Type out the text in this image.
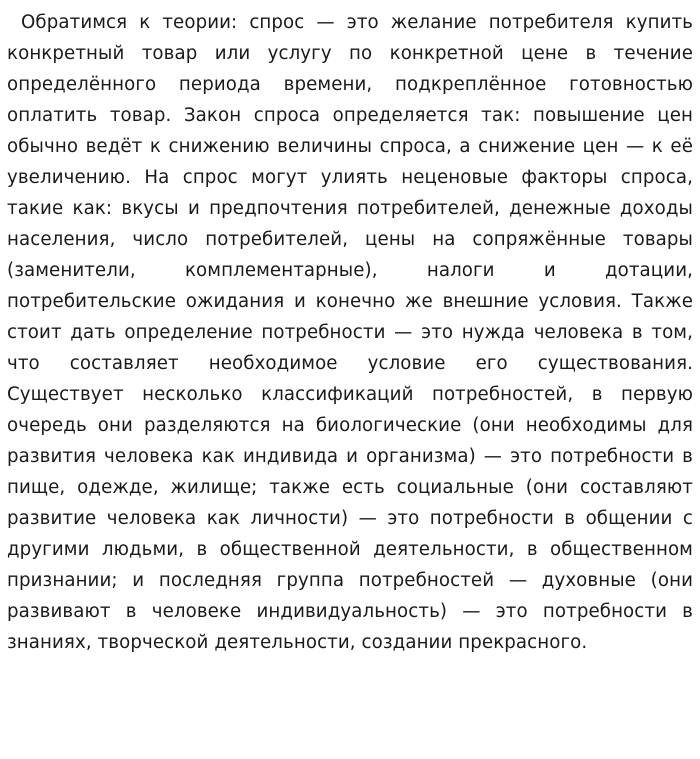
Обратимся к теории: спрос — это желание потребителя купить конкретный товар или услугу по конкретной цене в течение определённого периода времени, подкреплённое готовностью оплатить товар. Закон спроса определяется так: повышение цен обычно ведёт к снижению величины спроса, а снижение цен — к её увеличению. На спрос могут улиять неценовые факторы спроса, такие как: вкусы и предпочтения потребителей, денежные доходы населения, число потребителей, цены на сопряжённые товары (заменители, комплементарные), налоги и дотации, потребительские ожидания и конечно же внешние условия. Также стоит дать определение потребности — это нужда человека в том, что составляет необходимое условие его существования. Существует несколько классификаций потребностей, в первую очередь они разделяются на биологические (они необходимы для развития человека как индивида и организма) — это потребности в пище, одежде, жилище; также есть социальные (они составляют развитие человека как личности) — это потребности в общении с другими людьми, в общественной деятельности, в общественном признании; и последняя группа потребностей — духовные (они развивают в человеке индивидуальность) — это потребности в знаниях, творческой деятельности, создании прекрасного.
